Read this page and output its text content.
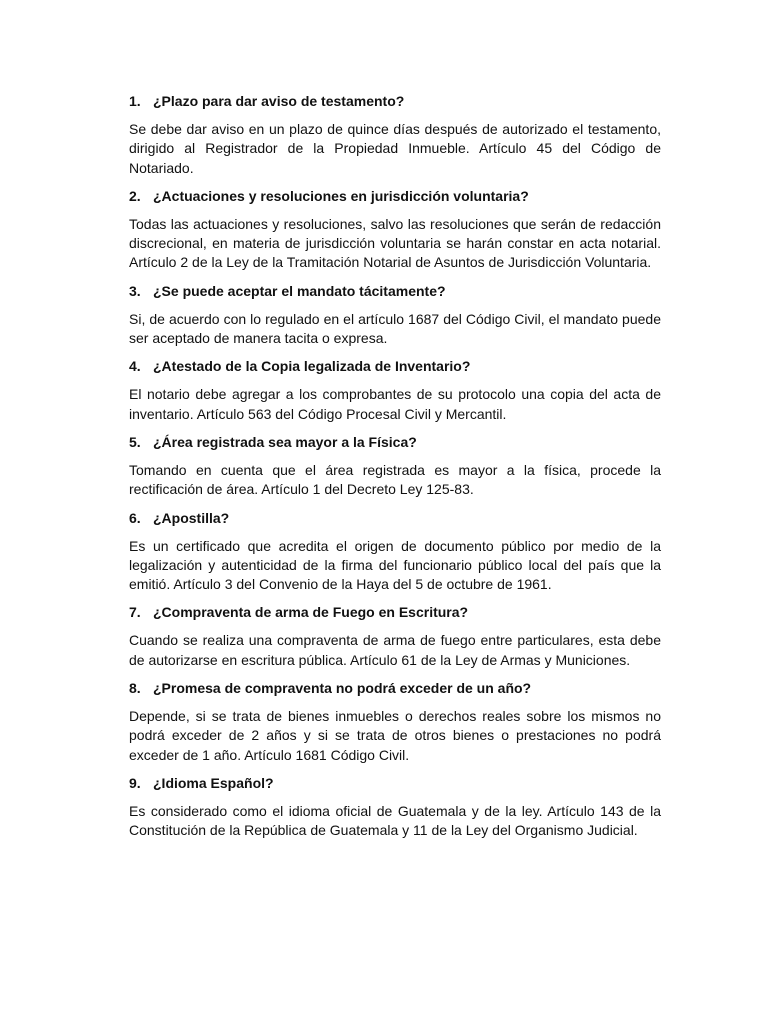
1. ¿Plazo para dar aviso de testamento?

Se debe dar aviso en un plazo de quince días después de autorizado el testamento, dirigido al Registrador de la Propiedad Inmueble. Artículo 45 del Código de Notariado.

2. ¿Actuaciones y resoluciones en jurisdicción voluntaria?

Todas las actuaciones y resoluciones, salvo las resoluciones que serán de redacción discrecional, en materia de jurisdicción voluntaria se harán constar en acta notarial. Artículo 2 de la Ley de la Tramitación Notarial de Asuntos de Jurisdicción Voluntaria.

3. ¿Se puede aceptar el mandato tácitamente?

Si, de acuerdo con lo regulado en el artículo 1687 del Código Civil, el mandato puede ser aceptado de manera tacita o expresa.

4. ¿Atestado de la Copia legalizada de Inventario?

El notario debe agregar a los comprobantes de su protocolo una copia del acta de inventario. Artículo 563 del Código Procesal Civil y Mercantil.

5. ¿Área registrada sea mayor a la Física?

Tomando en cuenta que el área registrada es mayor a la física, procede la rectificación de área. Artículo 1 del Decreto Ley 125-83.

6. ¿Apostilla?

Es un certificado que acredita el origen de documento público por medio de la legalización y autenticidad de la firma del funcionario público local del país que la emitió. Artículo 3 del Convenio de la Haya del 5 de octubre de 1961.

7. ¿Compraventa de arma de Fuego en Escritura?

Cuando se realiza una compraventa de arma de fuego entre particulares, esta debe de autorizarse en escritura pública. Artículo 61 de la Ley de Armas y Municiones.

8. ¿Promesa de compraventa no podrá exceder de un año?

Depende, si se trata de bienes inmuebles o derechos reales sobre los mismos no podrá exceder de 2 años y si se trata de otros bienes o prestaciones no podrá exceder de 1 año. Artículo 1681 Código Civil.

9. ¿Idioma Español?

Es considerado como el idioma oficial de Guatemala y de la ley. Artículo 143 de la Constitución de la República de Guatemala y 11 de la Ley del Organismo Judicial.
